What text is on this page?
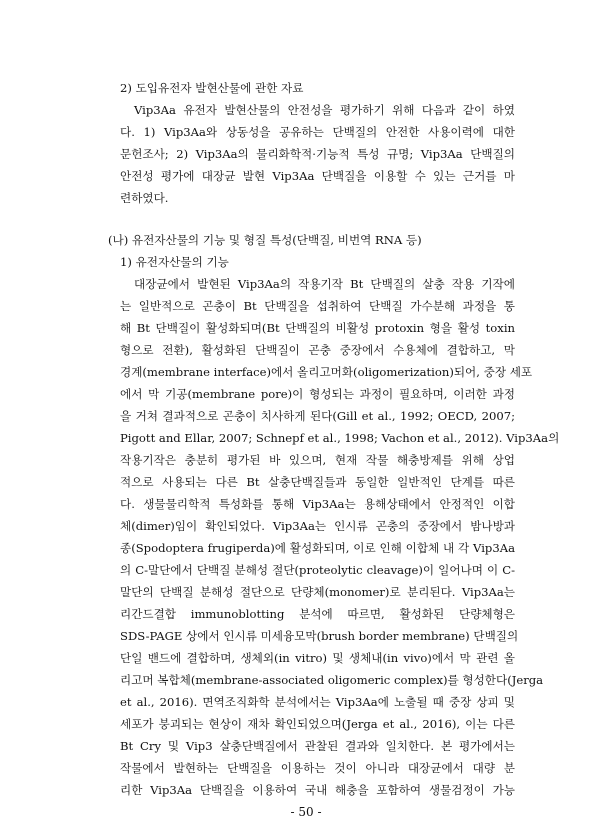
2) 도입유전자 발현산물에 관한 자료
Vip3Aa 유전자 발현산물의 안전성을 평가하기 위해 다음과 같이 하였
다. 1) Vip3Aa와 상동성을 공유하는 단백질의 안전한 사용이력에 대한
문헌조사; 2) Vip3Aa의 물리화학적·기능적 특성 규명; Vip3Aa 단백질의
안전성 평가에 대장균 발현 Vip3Aa 단백질을 이용할 수 있는 근거를 마
련하였다.
(나) 유전자산물의 기능 및 형질 특성(단백질, 비번역 RNA 등)
1) 유전자산물의 기능
대장균에서 발현된 Vip3Aa의 작용기작 Bt 단백질의 살충 작용 기작에
는 일반적으로 곤충이 Bt 단백질을 섭취하여 단백질 가수분해 과정을 통
해 Bt 단백질이 활성화되며(Bt 단백질의 비활성 protoxin 형을 활성 toxin
형으로 전환), 활성화된 단백질이 곤충 중장에서 수용체에 결합하고, 막
경계(membrane interface)에서 올리고머화(oligomerization)되어, 중장 세포
에서 막 기공(membrane pore)이 형성되는 과정이 필요하며, 이러한 과정
을 거쳐 결과적으로 곤충이 치사하게 된다(Gill et al., 1992; OECD, 2007;
Pigott and Ellar, 2007; Schnepf et al., 1998; Vachon et al., 2012). Vip3Aa의
작용기작은 충분히 평가된 바 있으며, 현재 작물 해충방제를 위해 상업
적으로 사용되는 다른 Bt 살충단백질들과 동일한 일반적인 단계를 따른
다. 생물물리학적 특성화를 통해 Vip3Aa는 용해상태에서 안정적인 이합
체(dimer)임이 확인되었다. Vip3Aa는 인시류 곤충의 중장에서 밤나방과
종(Spodoptera frugiperda)에 활성화되며, 이로 인해 이합체 내 각 Vip3Aa
의 C-말단에서 단백질 분해성 절단(proteolytic cleavage)이 일어나며 이 C-
말단의 단백질 분해성 절단으로 단량체(monomer)로 분리된다. Vip3Aa는
리간드결합 immunoblotting 분석에 따르면, 활성화된 단량체형은
SDS-PAGE 상에서 인시류 미세융모막(brush border membrane) 단백질의
단일 밴드에 결합하며, 생체외(in vitro) 및 생체내(in vivo)에서 막 관련 올
리고머 복합체(membrane-associated oligomeric complex)를 형성한다(Jerga
et al., 2016). 면역조직화학 분석에서는 Vip3Aa에 노출될 때 중장 상피 및
세포가 붕괴되는 현상이 재차 확인되었으며(Jerga et al., 2016), 이는 다른
Bt Cry 및 Vip3 살충단백질에서 관찰된 결과와 일치한다. 본 평가에서는
작물에서 발현하는 단백질을 이용하는 것이 아니라 대장균에서 대량 분
리한 Vip3Aa 단백질을 이용하여 국내 해충을 포함하여 생물검정이 가능
- 50 -
